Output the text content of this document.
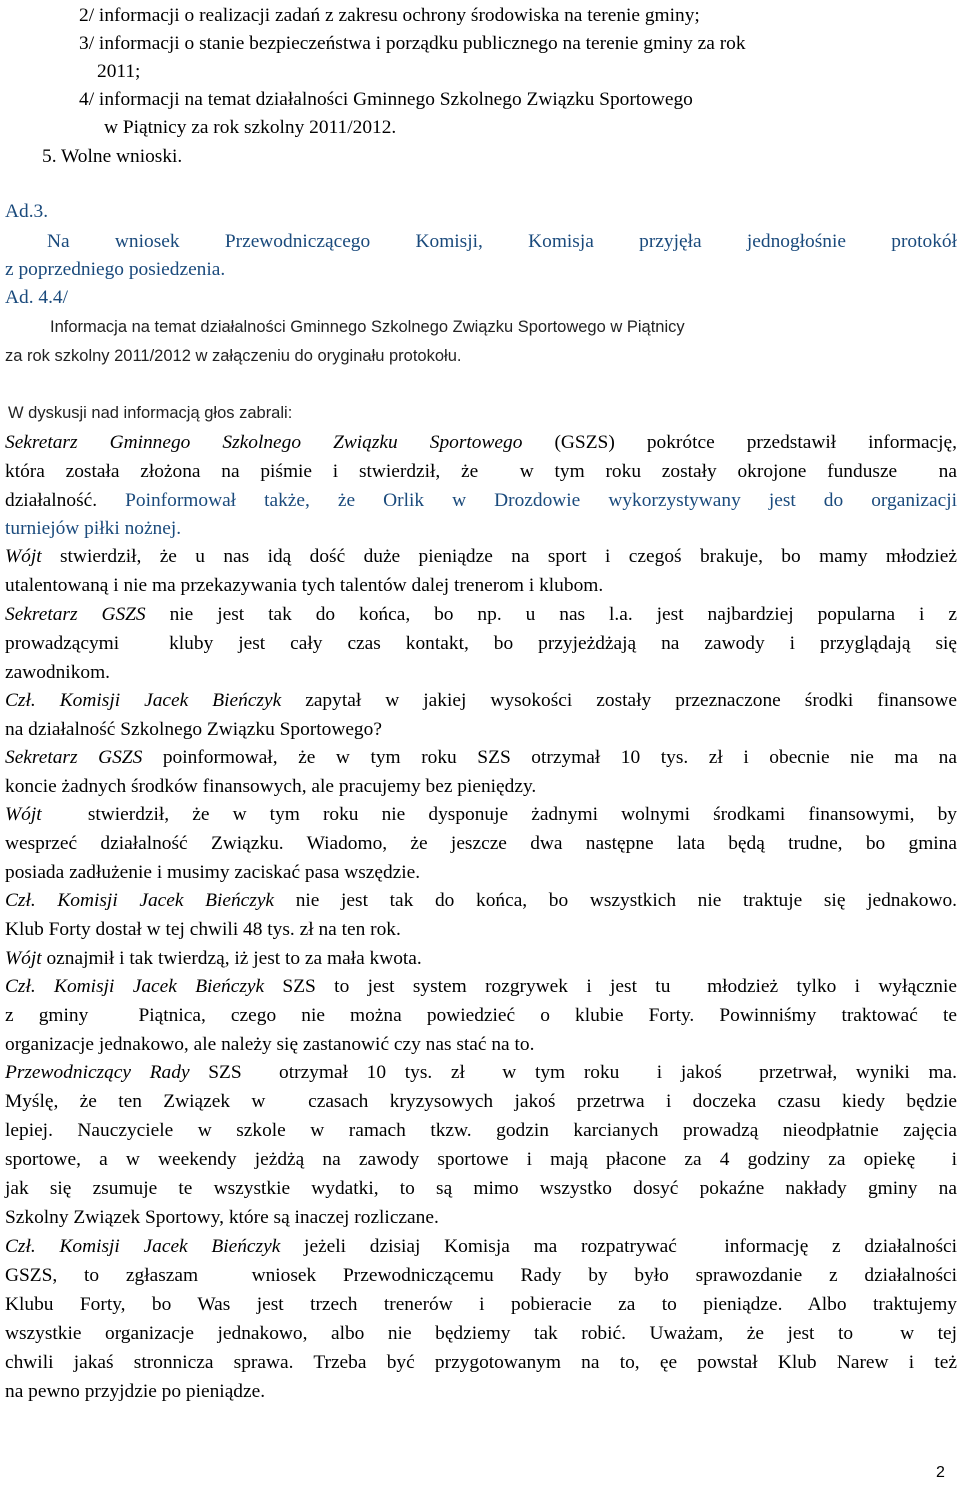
2/ informacji o realizacji zadań z zakresu ochrony środowiska na terenie gminy;
3/ informacji o stanie bezpieczeństwa i porządku publicznego na terenie gminy za rok
2011;
4/ informacji na temat działalności Gminnego Szkolnego Związku Sportowego
w Piątnicy za rok szkolny 2011/2012.
5. Wolne wnioski.
Ad.3.
Na wniosek Przewodniczącego Komisji, Komisja przyjęła jednogłośnie protokół
z poprzedniego posiedzenia.
Ad. 4.4/
Informacja na temat działalności Gminnego Szkolnego Związku Sportowego w Piątnicy
za rok szkolny 2011/2012 w załączeniu do oryginału protokołu.
W dyskusji nad informacją głos zabrali:
Sekretarz Gminnego Szkolnego Związku Sportowego (GSZS) pokrótce przedstawił informację,
która została złożona na piśmie i stwierdził, że  w tym roku zostały okrojone fundusze  na
działalność. Poinformował także, że Orlik w Drozdowie wykorzystywany jest do organizacji
turniejów piłki nożnej.
Wójt stwierdził, że u nas idą dość duże pieniądze na sport i czegoś brakuje, bo mamy młodzież
utalentowaną i nie ma przekazywania tych talentów dalej trenerom i klubom.
Sekretarz GSZS nie jest tak do końca, bo np. u nas l.a. jest najbardziej popularna i z
prowadzącymi  kluby jest cały czas kontakt, bo przyjeżdżają na zawody i przyglądają się
zawodnikom.
Czł. Komisji Jacek Bieńczyk zapytał w jakiej wysokości zostały przeznaczone środki finansowe
na działalność Szkolnego Związku Sportowego?
Sekretarz GSZS poinformował, że w tym roku SZS otrzymał 10 tys. zł i obecnie nie ma na
koncie żadnych środków finansowych, ale pracujemy bez pieniędzy.
Wójt  stwierdził, że w tym roku nie dysponuje żadnymi wolnymi środkami finansowymi, by
wesprzeć działalność Związku. Wiadomo, że jeszcze dwa następne lata będą trudne, bo gmina
posiada zadłużenie i musimy zaciskać pasa wszędzie.
Czł. Komisji Jacek Bieńczyk nie jest tak do końca, bo wszystkich nie traktuje się jednakowo.
Klub Forty dostał w tej chwili 48 tys. zł na ten rok.
Wójt oznajmił i tak twierdzą, iż jest to za mała kwota.
Czł. Komisji Jacek Bieńczyk SZS to jest system rozgrywek i jest tu  młodzież tylko i wyłącznie
z gminy  Piątnica, czego nie można powiedzieć o klubie Forty. Powinniśmy traktować te
organizacje jednakowo, ale należy się zastanowić czy nas stać na to.
Przewodniczący Rady SZS  otrzymał 10 tys. zł  w tym roku  i jakoś  przetrwał, wyniki ma.
Myślę, że ten Związek w  czasach kryzysowych jakoś przetrwa i doczeka czasu kiedy będzie
lepiej. Nauczyciele w szkole w ramach tkzw. godzin karcianych prowadzą nieodpłatnie zajęcia
sportowe, a w weekendy jeżdżą na zawody sportowe i mają płacone za 4 godziny za opiekę  i
jak się zsumuje te wszystkie wydatki, to są mimo wszystko dosyć pokaźne nakłady gminy na
Szkolny Związek Sportowy, które są inaczej rozliczane.
Czł. Komisji Jacek Bieńczyk jeżeli dzisiaj Komisja ma rozpatrywać  informację z działalności
GSZS, to zgłaszam  wniosek Przewodniczącemu Rady by było sprawozdanie z działalności
Klubu Forty, bo Was jest trzech trenerów i pobieracie za to pieniądze. Albo traktujemy
wszystkie organizacje jednakowo, albo nie będziemy tak robić. Uważam, że jest to  w tej
chwili jakaś stronnicza sprawa. Trzeba być przygotowanym na to, ęe powstał Klub Narew i też
na pewno przyjdzie po pieniądze.
2
